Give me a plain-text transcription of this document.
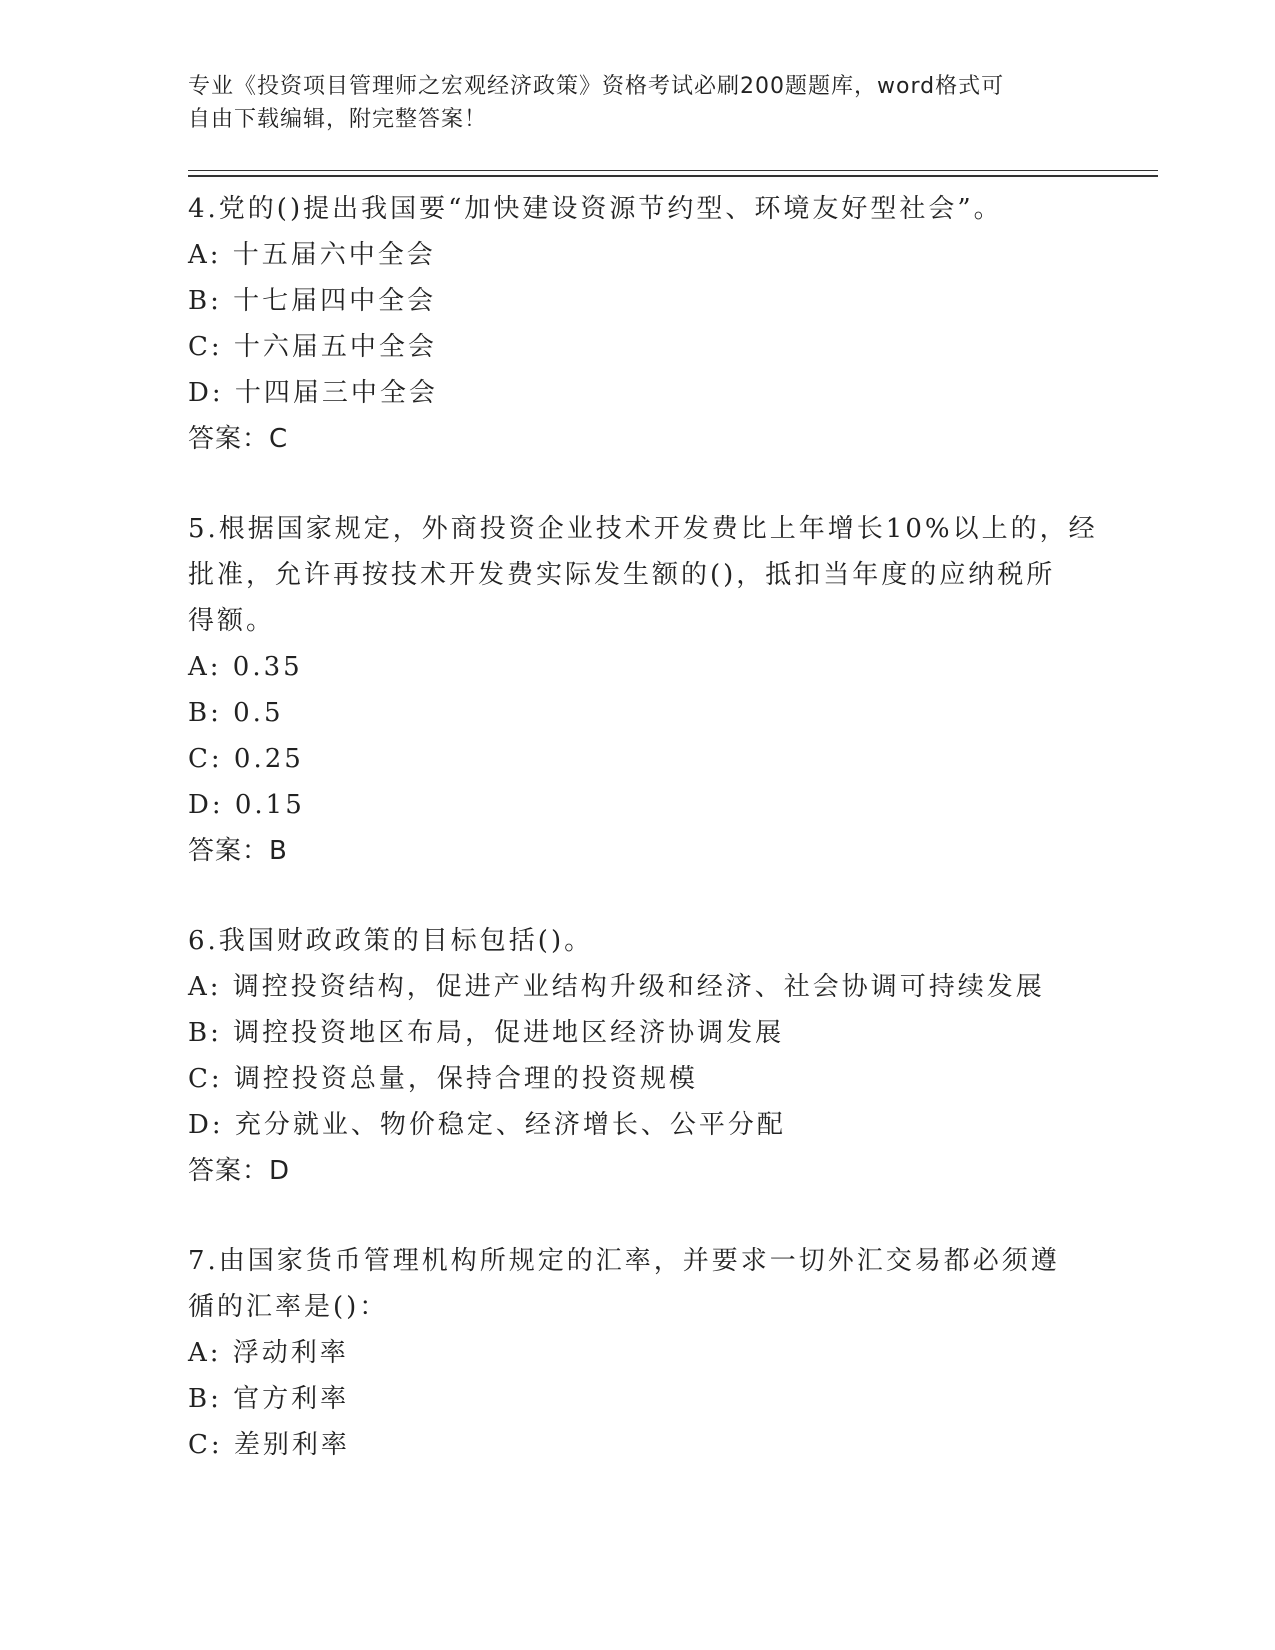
专业《投资项目管理师之宏观经济政策》资格考试必刷200题题库，word格式可
自由下载编辑，附完整答案！
4.党的()提出我国要“加快建设资源节约型、环境友好型社会”。
A: 十五届六中全会
B: 十七届四中全会
C: 十六届五中全会
D: 十四届三中全会
答案：C
5.根据国家规定，外商投资企业技术开发费比上年增长10%以上的，经
批准，允许再按技术开发费实际发生额的()，抵扣当年度的应纳税所
得额。
A: 0.35
B: 0.5
C: 0.25
D: 0.15
答案：B
6.我国财政政策的目标包括()。
A: 调控投资结构，促进产业结构升级和经济、社会协调可持续发展
B: 调控投资地区布局，促进地区经济协调发展
C: 调控投资总量，保持合理的投资规模
D: 充分就业、物价稳定、经济增长、公平分配
答案：D
7.由国家货币管理机构所规定的汇率，并要求一切外汇交易都必须遵
循的汇率是()：
A: 浮动利率
B: 官方利率
C: 差别利率
